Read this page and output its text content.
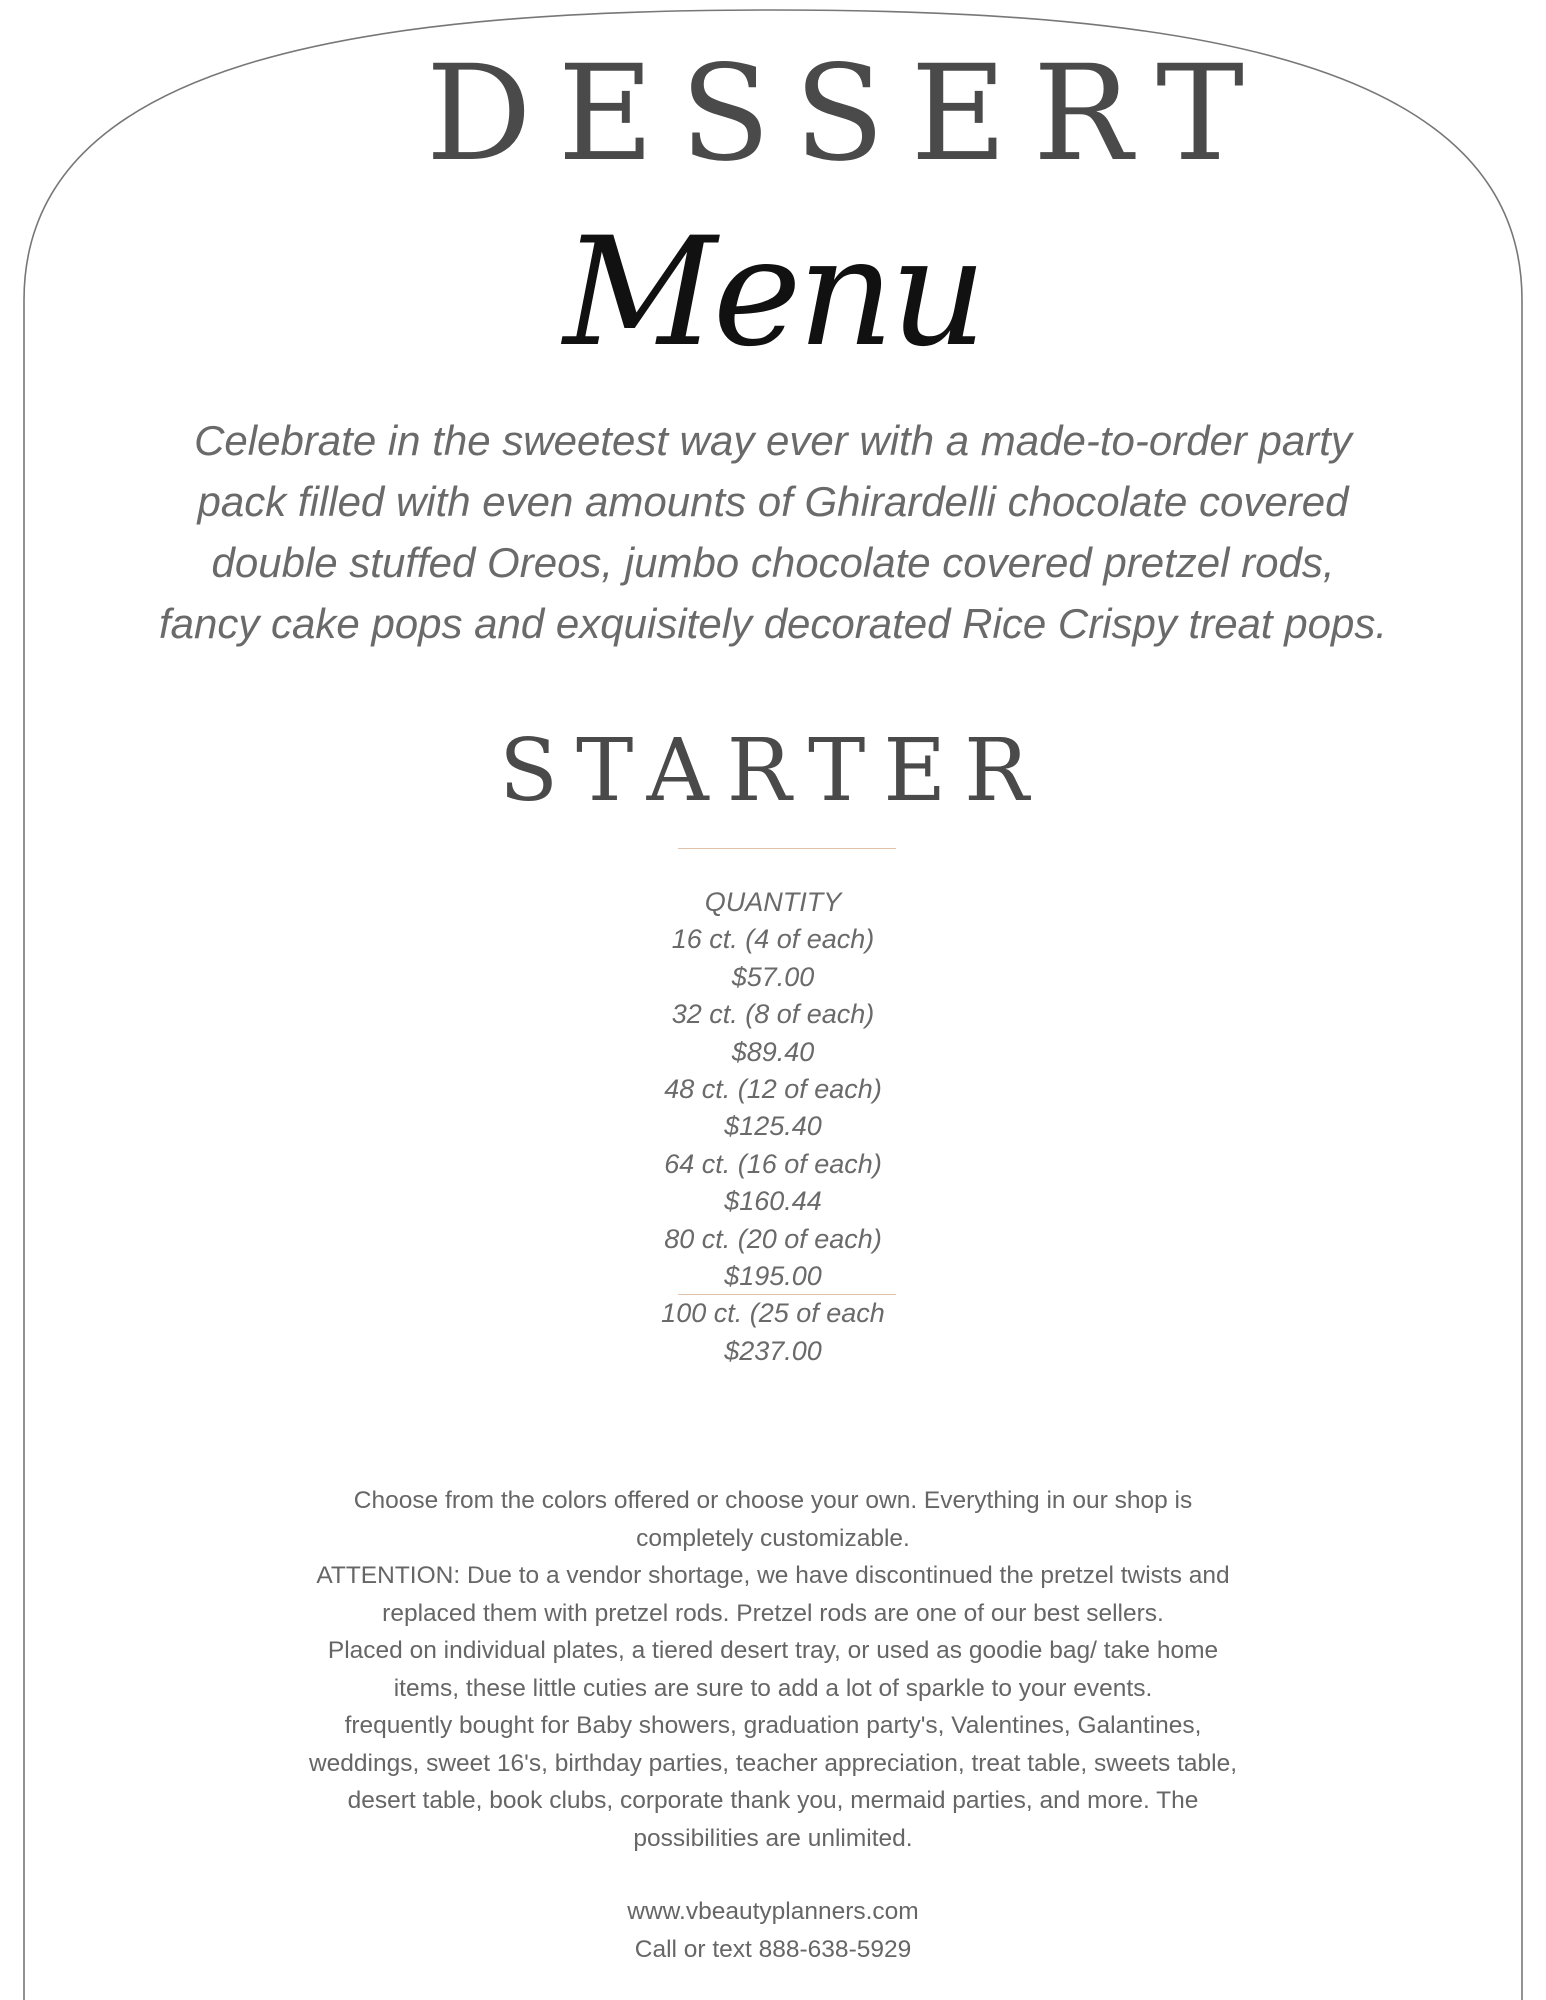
DESSERT
Menu
Celebrate in the sweetest way ever with a made-to-order party
pack filled with even amounts of Ghirardelli chocolate covered
double stuffed Oreos, jumbo chocolate covered pretzel rods,
fancy cake pops and exquisitely decorated Rice Crispy treat pops.
STARTER
QUANTITY
16 ct. (4 of each)
$57.00
32 ct. (8 of each)
$89.40
48 ct. (12 of each)
$125.40
64 ct. (16 of each)
$160.44
80 ct. (20 of each)
$195.00
100 ct. (25 of each
$237.00
Choose from the colors offered or choose your own. Everything in our shop is
completely customizable.
ATTENTION: Due to a vendor shortage, we have discontinued the pretzel twists and
replaced them with pretzel rods. Pretzel rods are one of our best sellers.
Placed on individual plates, a tiered desert tray, or used as goodie bag/ take home
items, these little cuties are sure to add a lot of sparkle to your events.
frequently bought for Baby showers, graduation party's, Valentines, Galantines,
weddings, sweet 16's, birthday parties, teacher appreciation, treat table, sweets table,
desert table, book clubs, corporate thank you, mermaid parties, and more. The
possibilities are unlimited.
www.vbeautyplanners.com
Call or text 888-638-5929
